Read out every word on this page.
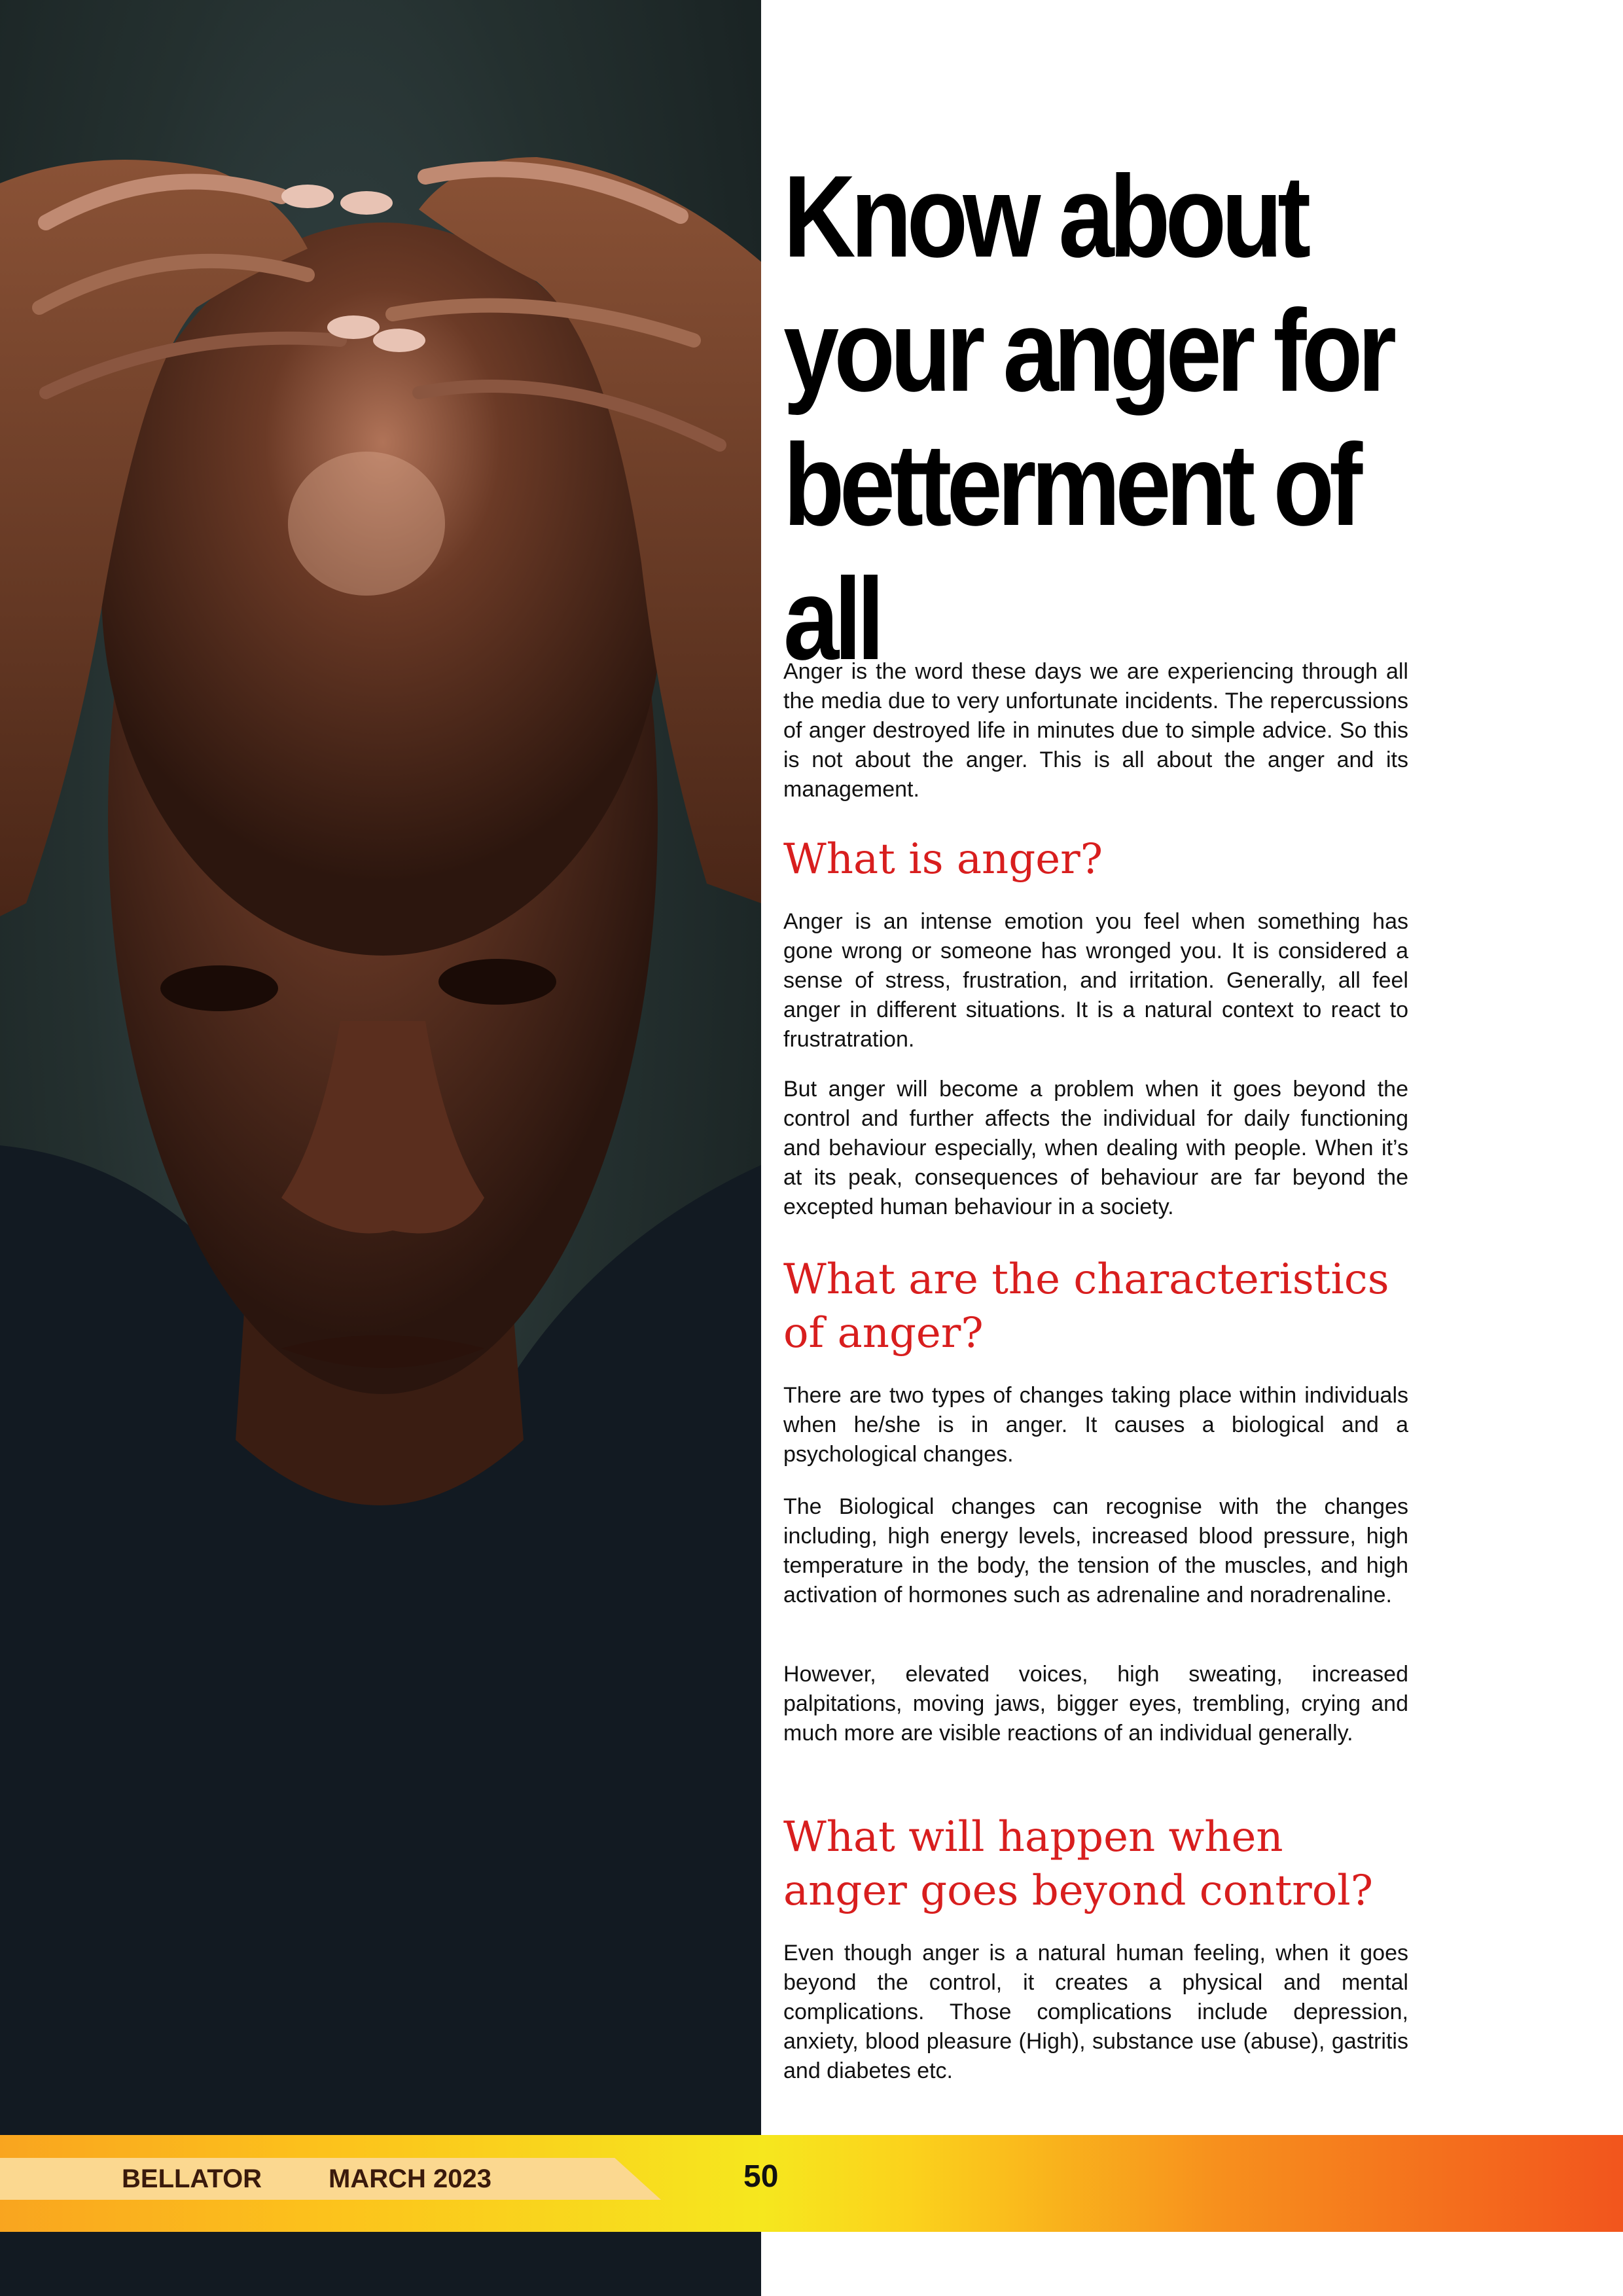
Know about your anger for betterment of all

Anger is the word these days we are experiencing through all the media due to very unfortunate incidents. The repercussions of anger destroyed life in minutes due to simple advice. So this is not about the anger. This is all about the anger and its management.

What is anger?

Anger is an intense emotion you feel when something has gone wrong or someone has wronged you. It is considered a sense of stress, frustration, and irritation. Generally, all feel anger in different situations. It is a natural context to react to frustratration.

But anger will become a problem when it goes beyond the control and further affects the individual for daily functioning and behaviour especially, when dealing with people. When it’s at its peak, consequences of behaviour are far beyond the excepted human behaviour in a society.

What are the characteristics of anger?

There are two types of changes taking place within individuals when he/she is in anger. It causes a biological and a psychological changes.

The Biological changes can recognise with the changes including, high energy levels, increased blood pressure, high temperature in the body, the tension of the muscles, and high activation of hormones such as adrenaline and noradrenaline.

However, elevated voices, high sweating, increased palpitations, moving jaws, bigger eyes, trembling, crying and much more are visible reactions of an individual generally.

What will happen when anger goes beyond control?

Even though anger is a natural human feeling, when it goes beyond the control, it creates a physical and mental complications. Those complications include depression, anxiety, blood pleasure (High), substance use (abuse), gastritis and diabetes etc.

BELLATOR	MARCH 2023	50
